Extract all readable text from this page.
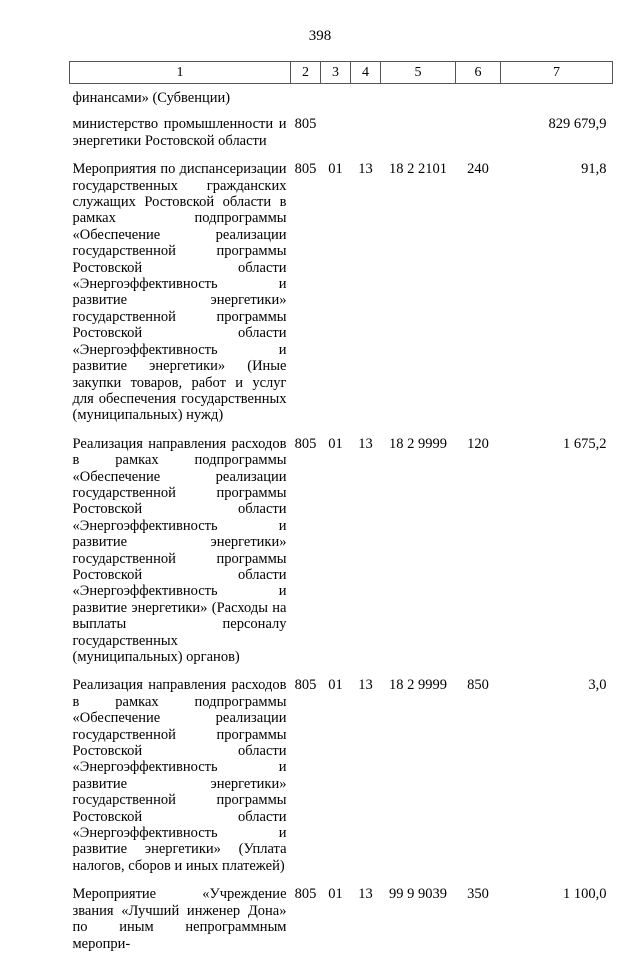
398
1	2	3	4	5	6	7
финансами» (Субвенции)						
министерство промышленности и энергетики Ростовской области	805					829 679,9
Мероприятия по диспансеризации государственных гражданских служащих Ростовской области в рамках подпрограммы «Обеспечение реализации государственной программы Ростовской области «Энергоэффективность и развитие энергетики» государственной программы Ростовской области «Энергоэффективность и развитие энергетики» (Иные закупки товаров, работ и услуг для обеспечения государственных (муниципальных) нужд)	805	01	13	18 2 2101	240	91,8
Реализация направления расходов в рамках подпрограммы «Обеспечение реализации государственной программы Ростовской области «Энергоэффективность и развитие энергетики» государственной программы Ростовской области «Энергоэффективность и развитие энергетики» (Расходы на выплаты персоналу государственных (муниципальных) органов)	805	01	13	18 2 9999	120	1 675,2
Реализация направления расходов в рамках подпрограммы «Обеспечение реализации государственной программы Ростовской области «Энергоэффективность и развитие энергетики» государственной программы Ростовской области «Энергоэффективность и развитие энергетики» (Уплата налогов, сборов и иных платежей)	805	01	13	18 2 9999	850	3,0
Мероприятие «Учреждение звания «Лучший инженер Дона» по иным непрограммным меропри-	805	01	13	99 9 9039	350	1 100,0
